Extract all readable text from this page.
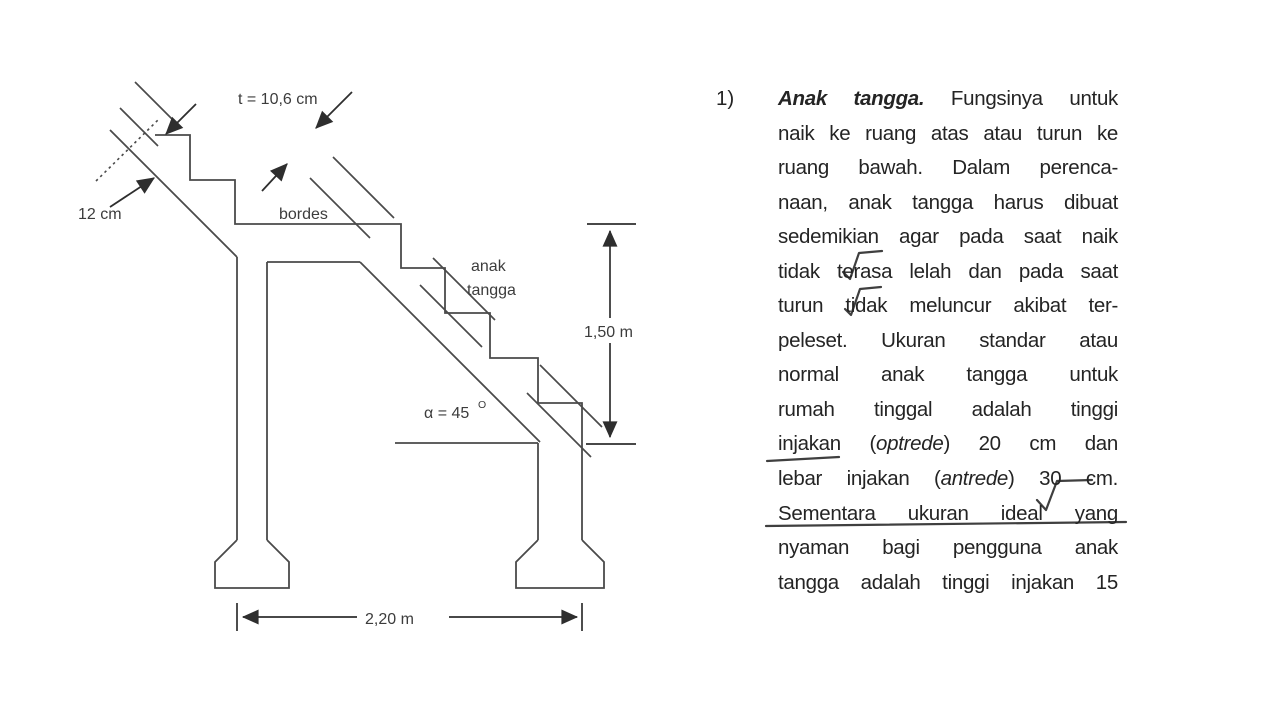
t = 10,6 cm
12 cm	bordes
anak
tangga
1,50 m
α = 45 O
2,20 m
1) Anak tangga. Fungsinya untuk
naik ke ruang atas atau turun ke
ruang bawah. Dalam perenca-
naan, anak tangga harus dibuat
sedemikian agar pada saat naik
tidak terasa lelah dan pada saat
turun tidak meluncur akibat ter-
peleset. Ukuran standar atau
normal anak tangga untuk
rumah tinggal adalah tinggi
injakan (optrede) 20 cm dan
lebar injakan (antrede) 30 cm.
Sementara ukuran ideal yang
nyaman bagi pengguna anak
tangga adalah tinggi injakan 15
